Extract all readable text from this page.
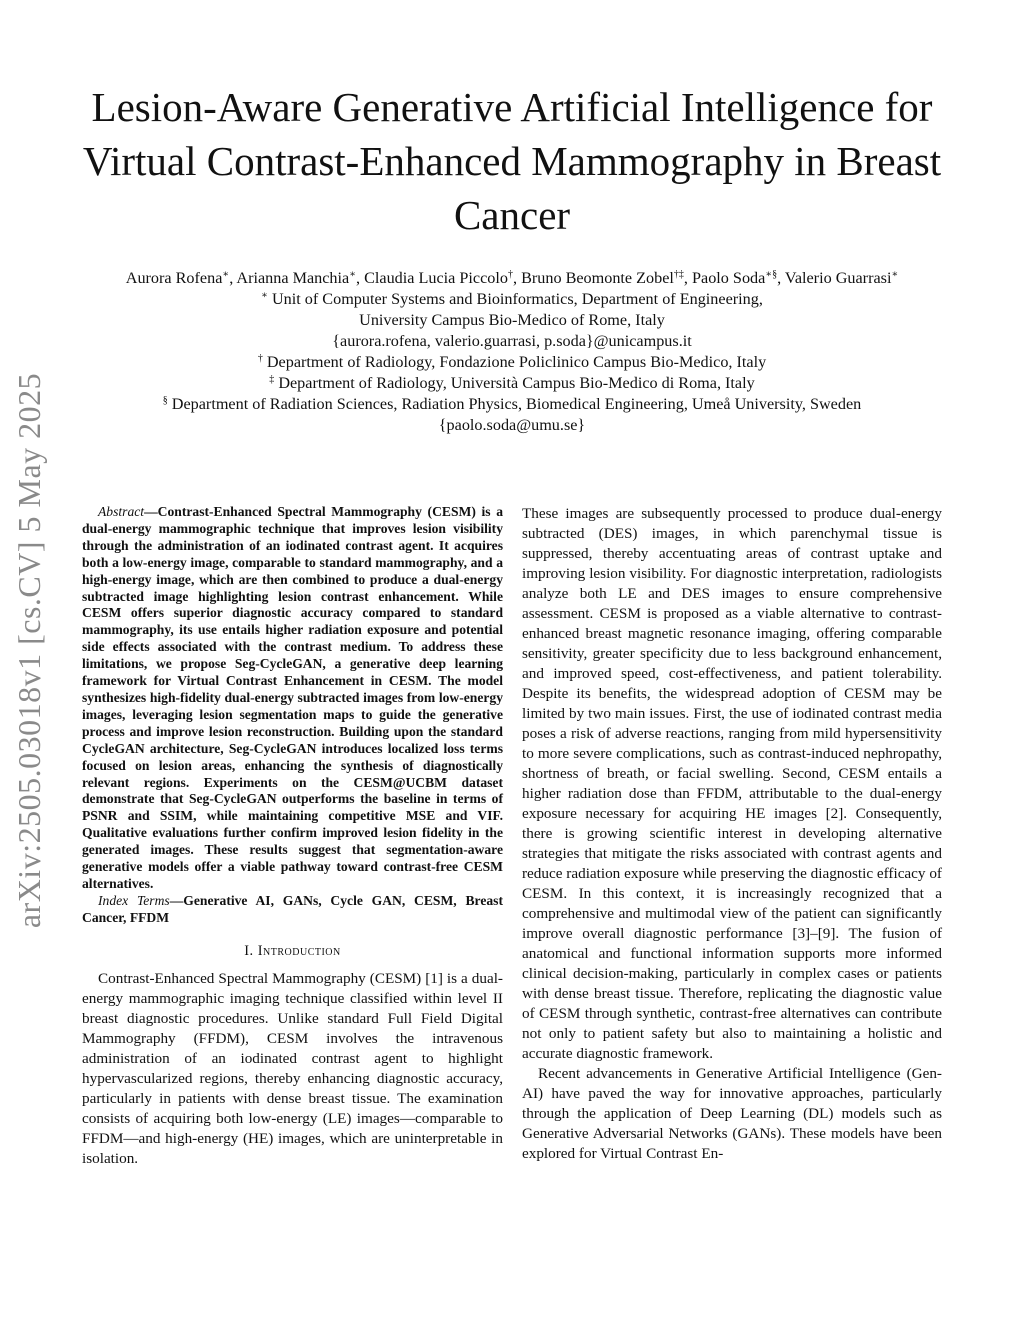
arXiv:2505.03018v1 [cs.CV] 5 May 2025
Lesion-Aware Generative Artificial Intelligence for Virtual Contrast-Enhanced Mammography in Breast Cancer
Aurora Rofena∗, Arianna Manchia∗, Claudia Lucia Piccolo†, Bruno Beomonte Zobel†‡, Paolo Soda∗§, Valerio Guarrasi∗
∗ Unit of Computer Systems and Bioinformatics, Department of Engineering,
University Campus Bio-Medico of Rome, Italy
{aurora.rofena, valerio.guarrasi, p.soda}@unicampus.it
† Department of Radiology, Fondazione Policlinico Campus Bio-Medico, Italy
‡ Department of Radiology, Università Campus Bio-Medico di Roma, Italy
§ Department of Radiation Sciences, Radiation Physics, Biomedical Engineering, Umeå University, Sweden
{paolo.soda@umu.se}

Abstract—Contrast-Enhanced Spectral Mammography (CESM) is a dual-energy mammographic technique that improves lesion visibility through the administration of an iodinated contrast agent. It acquires both a low-energy image, comparable to standard mammography, and a high-energy image, which are then combined to produce a dual-energy subtracted image highlighting lesion contrast enhancement. While CESM offers superior diagnostic accuracy compared to standard mammography, its use entails higher radiation exposure and potential side effects associated with the contrast medium. To address these limitations, we propose Seg-CycleGAN, a generative deep learning framework for Virtual Contrast Enhancement in CESM. The model synthesizes high-fidelity dual-energy subtracted images from low-energy images, leveraging lesion segmentation maps to guide the generative process and improve lesion reconstruction. Building upon the standard CycleGAN architecture, Seg-CycleGAN introduces localized loss terms focused on lesion areas, enhancing the synthesis of diagnostically relevant regions. Experiments on the CESM@UCBM dataset demonstrate that Seg-CycleGAN outperforms the baseline in terms of PSNR and SSIM, while maintaining competitive MSE and VIF. Qualitative evaluations further confirm improved lesion fidelity in the generated images. These results suggest that segmentation-aware generative models offer a viable pathway toward contrast-free CESM alternatives.

Index Terms—Generative AI, GANs, Cycle GAN, CESM, Breast Cancer, FFDM

I. Introduction

Contrast-Enhanced Spectral Mammography (CESM) [1] is a dual-energy mammographic imaging technique classified within level II breast diagnostic procedures. Unlike standard Full Field Digital Mammography (FFDM), CESM involves the intravenous administration of an iodinated contrast agent to highlight hypervascularized regions, thereby enhancing diagnostic accuracy, particularly in patients with dense breast tissue. The examination consists of acquiring both low-energy (LE) images—comparable to FFDM—and high-energy (HE) images, which are uninterpretable in isolation.

These images are subsequently processed to produce dual-energy subtracted (DES) images, in which parenchymal tissue is suppressed, thereby accentuating areas of contrast uptake and improving lesion visibility. For diagnostic interpretation, radiologists analyze both LE and DES images to ensure comprehensive assessment. CESM is proposed as a viable alternative to contrast-enhanced breast magnetic resonance imaging, offering comparable sensitivity, greater specificity due to less background enhancement, and improved speed, cost-effectiveness, and patient tolerability. Despite its benefits, the widespread adoption of CESM may be limited by two main issues. First, the use of iodinated contrast media poses a risk of adverse reactions, ranging from mild hypersensitivity to more severe complications, such as contrast-induced nephropathy, shortness of breath, or facial swelling. Second, CESM entails a higher radiation dose than FFDM, attributable to the dual-energy exposure necessary for acquiring HE images [2]. Consequently, there is growing scientific interest in developing alternative strategies that mitigate the risks associated with contrast agents and reduce radiation exposure while preserving the diagnostic efficacy of CESM. In this context, it is increasingly recognized that a comprehensive and multimodal view of the patient can significantly improve overall diagnostic performance [3]–[9]. The fusion of anatomical and functional information supports more informed clinical decision-making, particularly in complex cases or patients with dense breast tissue. Therefore, replicating the diagnostic value of CESM through synthetic, contrast-free alternatives can contribute not only to patient safety but also to maintaining a holistic and accurate diagnostic framework.

Recent advancements in Generative Artificial Intelligence (Gen-AI) have paved the way for innovative approaches, particularly through the application of Deep Learning (DL) models such as Generative Adversarial Networks (GANs). These models have been explored for Virtual Contrast En-
